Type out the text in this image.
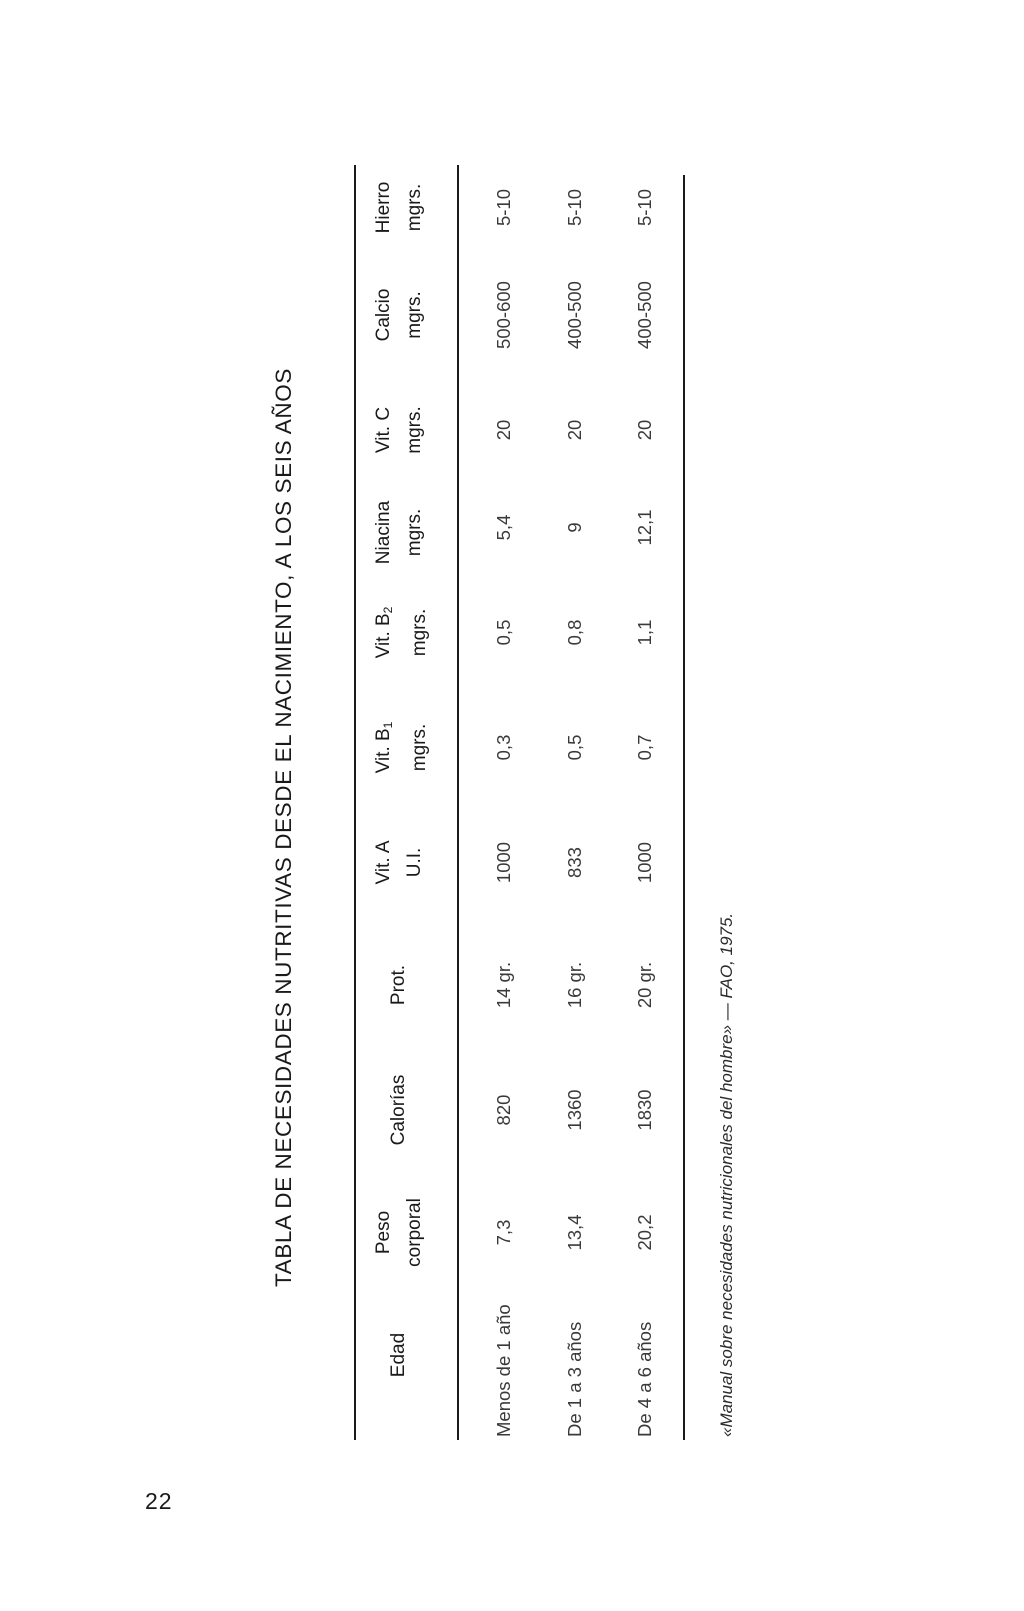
22
TABLA DE NECESIDADES NUTRITIVAS DESDE EL NACIMIENTO, A LOS SEIS AÑOS
Edad
Peso corporal
Calorías
Prot.
Vit. A U.I.
Vit. $B_1$ mgrs.
Vit. $B_2$ mgrs.
Niacina mgrs.
Vit. C mgrs.
Calcio mgrs.
Hierro mgrs.
Menos de 1 año
7,3
820
14 gr.
1000
0,3
0,5
5,4
20
500-600
5-10
De 1 a 3 años
13,4
1360
16 gr.
833
0,5
0,8
9
20
400-500
5-10
De 4 a 6 años
20,2
1830
20 gr.
1000
0,7
1,1
12,1
20
400-500
5-10
«Manual sobre necesidades nutricionales del hombre» — FAO, 1975.
